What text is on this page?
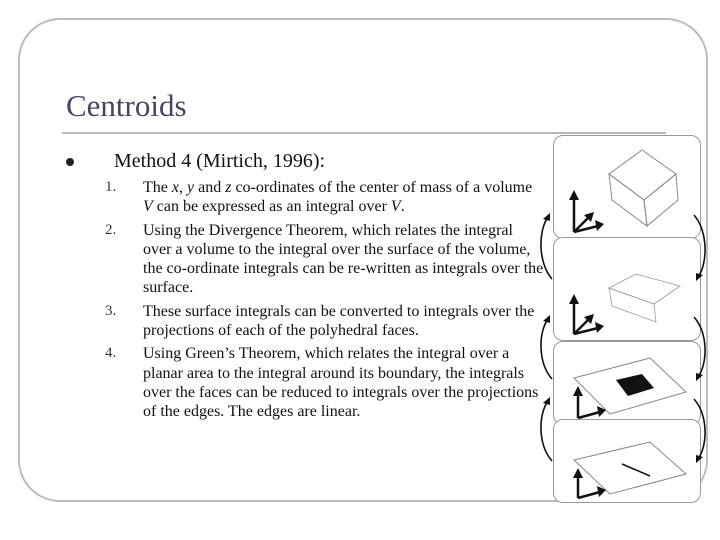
Centroids
Method 4 (Mirtich, 1996):
1.	The x, y and z co-ordinates of the center of mass of a volume V can be expressed as an integral over V.
2.	Using the Divergence Theorem, which relates the integral over a volume to the integral over the surface of the volume, the co-ordinate integrals can be re-written as integrals over the surface.
3.	These surface integrals can be converted to integrals over the projections of each of the polyhedral faces.
4.	Using Green’s Theorem, which relates the integral over a planar area to the integral around its boundary, the integrals over the faces can be reduced to integrals over the projections of the edges. The edges are linear.
